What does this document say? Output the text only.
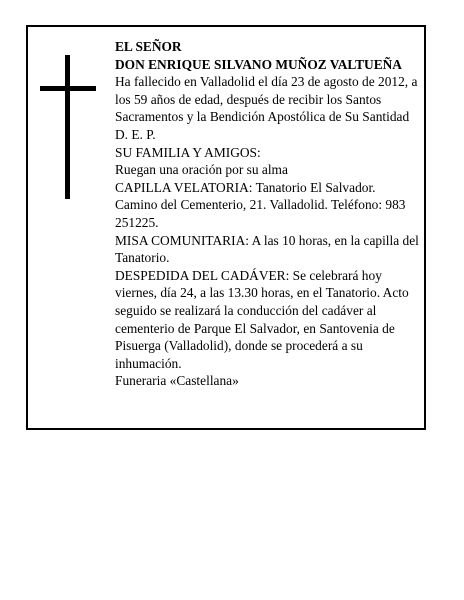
EL SEÑOR

DON ENRIQUE SILVANO MUÑOZ VALTUEÑA

Ha fallecido en Valladolid el día 23 de agosto de 2012, a los 59 años de edad, después de recibir los Santos Sacramentos y la Bendición Apostólica de Su Santidad

D. E. P.

SU FAMILIA Y AMIGOS:

Ruegan una oración por su alma

CAPILLA VELATORIA: Tanatorio El Salvador. Camino del Cementerio, 21. Valladolid. Teléfono: 983 251225.

MISA COMUNITARIA: A las 10 horas, en la capilla del Tanatorio.

DESPEDIDA DEL CADÁVER: Se celebrará hoy viernes, día 24, a las 13.30 horas, en el Tanatorio. Acto seguido se realizará la conducción del cadáver al cementerio de Parque El Salvador, en Santovenia de Pisuerga (Valladolid), donde se procederá a su inhumación.

Funeraria «Castellana»
